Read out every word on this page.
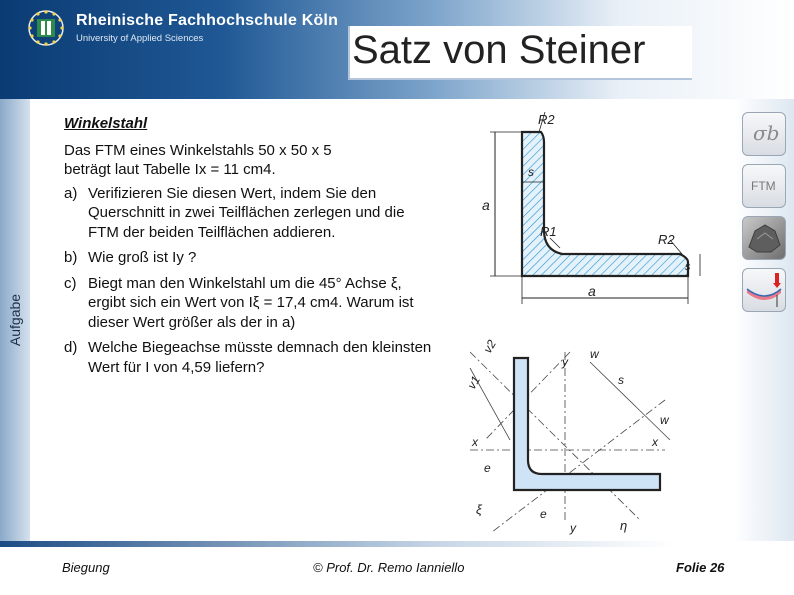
Rheinische Fachhochschule Köln
University of Applied Sciences	Satz von Steiner
Aufgabe
σb
FTM

Winkelstahl

Das FTM eines Winkelstahls 50 x 50 x 5

beträgt laut Tabelle Ix = 11 cm4.

a) Verifizieren Sie diesen Wert, indem Sie den Querschnitt in zwei Teilflächen zerlegen und die FTM der beiden Teilflächen addieren.
b) Wie groß ist Iy ?
c) Biegt man den Winkelstahl um die 45° Achse ξ, ergibt sich ein Wert von Iξ = 17,4 cm4. Warum ist dieser Wert größer als der in a)
d) Welche Biegeachse müsste demnach den kleinsten Wert für I von 4,59 liefern?
a
a
s
s
R2
R1
R2
v1
v2
y
w
s
x	x
w
e
e
y	η
ξ
Biegung	© Prof. Dr. Remo Ianniello	Folie 26
